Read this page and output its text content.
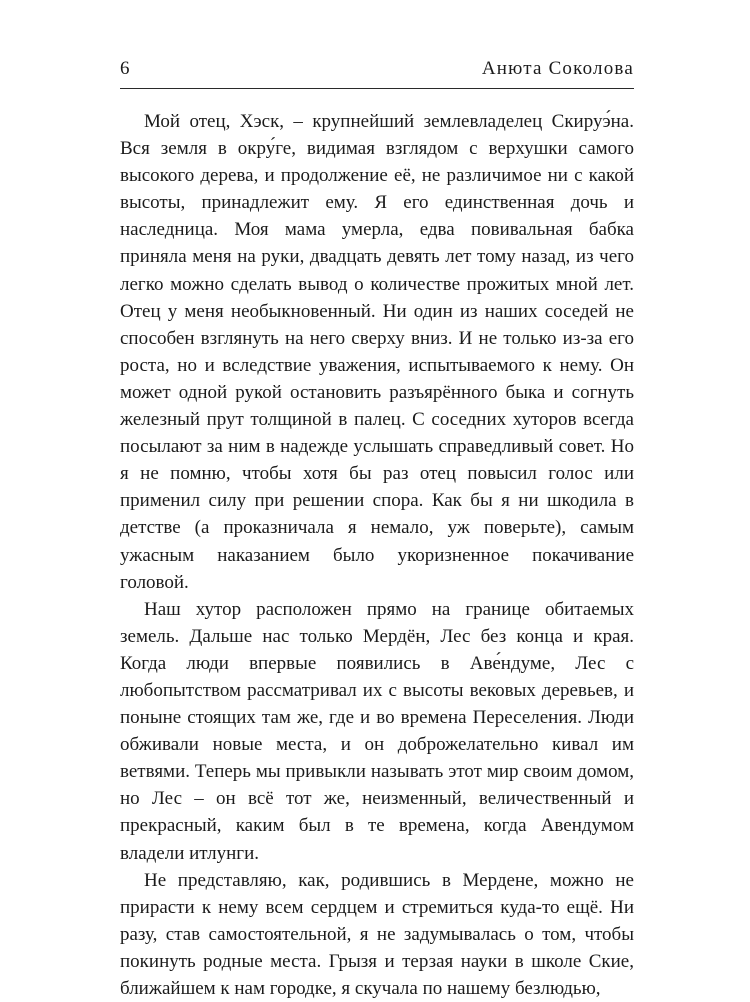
6	Анюта Соколова

Мой отец, Хэск, – крупнейший землевладелец Скируэ́на. Вся земля в окру́ге, видимая взглядом с верхушки самого высокого дерева, и продолжение её, не различимое ни с какой высоты, принадлежит ему. Я его единственная дочь и наследница. Моя мама умерла, едва повивальная бабка приняла меня на руки, двадцать девять лет тому назад, из чего легко можно сделать вывод о количестве прожитых мной лет. Отец у меня необыкновенный. Ни один из наших соседей не способен взглянуть на него сверху вниз. И не только из-за его роста, но и вследствие уважения, испытываемого к нему. Он может одной рукой остановить разъярённого быка и согнуть железный прут толщиной в палец. С соседних хуторов всегда посылают за ним в надежде услышать справедливый совет. Но я не помню, чтобы хотя бы раз отец повысил голос или применил силу при решении спора. Как бы я ни шкодила в детстве (а проказничала я немало, уж поверьте), самым ужасным наказанием было укоризненное покачивание головой.

Наш хутор расположен прямо на границе обитаемых земель. Дальше нас только Мердён, Лес без конца и края. Когда люди впервые появились в Аве́ндуме, Лес с любопытством рассматривал их с высоты вековых деревьев, и поныне стоящих там же, где и во времена Переселения. Люди обживали новые места, и он доброжелательно кивал им ветвями. Теперь мы привыкли называть этот мир своим домом, но Лес – он всё тот же, неизменный, величественный и прекрасный, каким был в те времена, когда Авендумом владели итлунги.

Не представляю, как, родившись в Мердене, можно не прирасти к нему всем сердцем и стремиться куда-то ещё. Ни разу, став самостоятельной, я не задумывалась о том, чтобы покинуть родные места. Грызя и терзая науки в школе Ские, ближайшем к нам городке, я скучала по нашему безлюдью,
